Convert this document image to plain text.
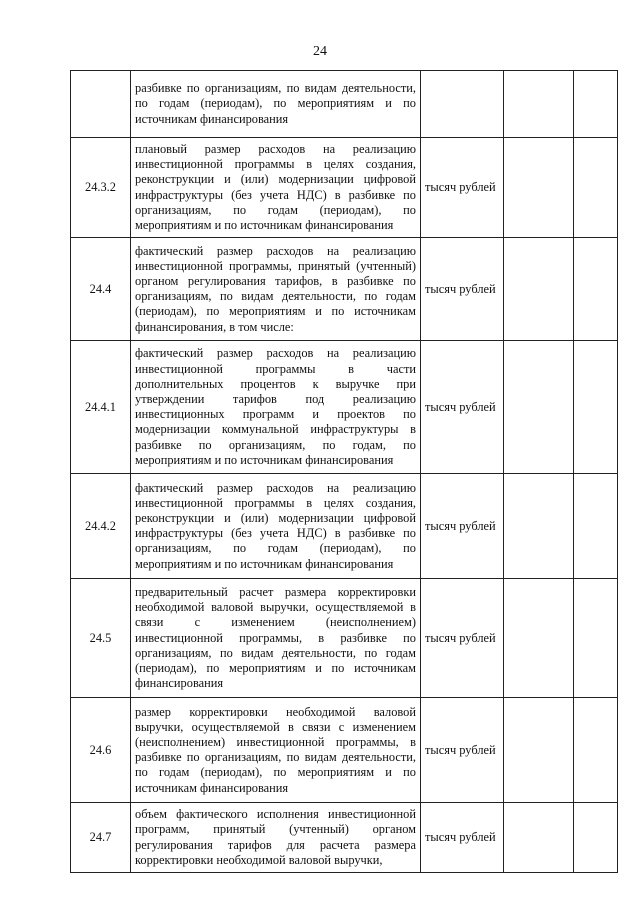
24
	разбивке по организациям, по видам деятельности, по годам (периодам), по мероприятиям и по источникам финансирования			
24.3.2	плановый размер расходов на реализацию инвестиционной программы в целях создания, реконструкции и (или) модернизации цифровой инфраструктуры (без учета НДС) в разбивке по организациям, по годам (периодам), по мероприятиям и по источникам финансирования	тысяч рублей		
24.4	фактический размер расходов на реализацию инвестиционной программы, принятый (учтенный) органом регулирования тарифов, в разбивке по организациям, по видам деятельности, по годам (периодам), по мероприятиям и по источникам финансирования, в том числе:	тысяч рублей		
24.4.1	фактический размер расходов на реализацию инвестиционной программы в части дополнительных процентов к выручке при утверждении тарифов под реализацию инвестиционных программ и проектов по модернизации коммунальной инфраструктуры в разбивке по организациям, по годам, по мероприятиям и по источникам финансирования	тысяч рублей		
24.4.2	фактический размер расходов на реализацию инвестиционной программы в целях создания, реконструкции и (или) модернизации цифровой инфраструктуры (без учета НДС) в разбивке по организациям, по годам (периодам), по мероприятиям и по источникам финансирования	тысяч рублей		
24.5	предварительный расчет размера корректировки необходимой валовой выручки, осуществляемой в связи с изменением (неисполнением) инвестиционной программы, в разбивке по организациям, по видам деятельности, по годам (периодам), по мероприятиям и по источникам финансирования	тысяч рублей		
24.6	размер корректировки необходимой валовой выручки, осуществляемой в связи с изменением (неисполнением) инвестиционной программы, в разбивке по организациям, по видам деятельности, по годам (периодам), по мероприятиям и по источникам финансирования	тысяч рублей		
24.7	объем фактического исполнения инвестиционной программ, принятый (учтенный) органом регулирования тарифов для расчета размера корректировки необходимой валовой выручки,	тысяч рублей		
